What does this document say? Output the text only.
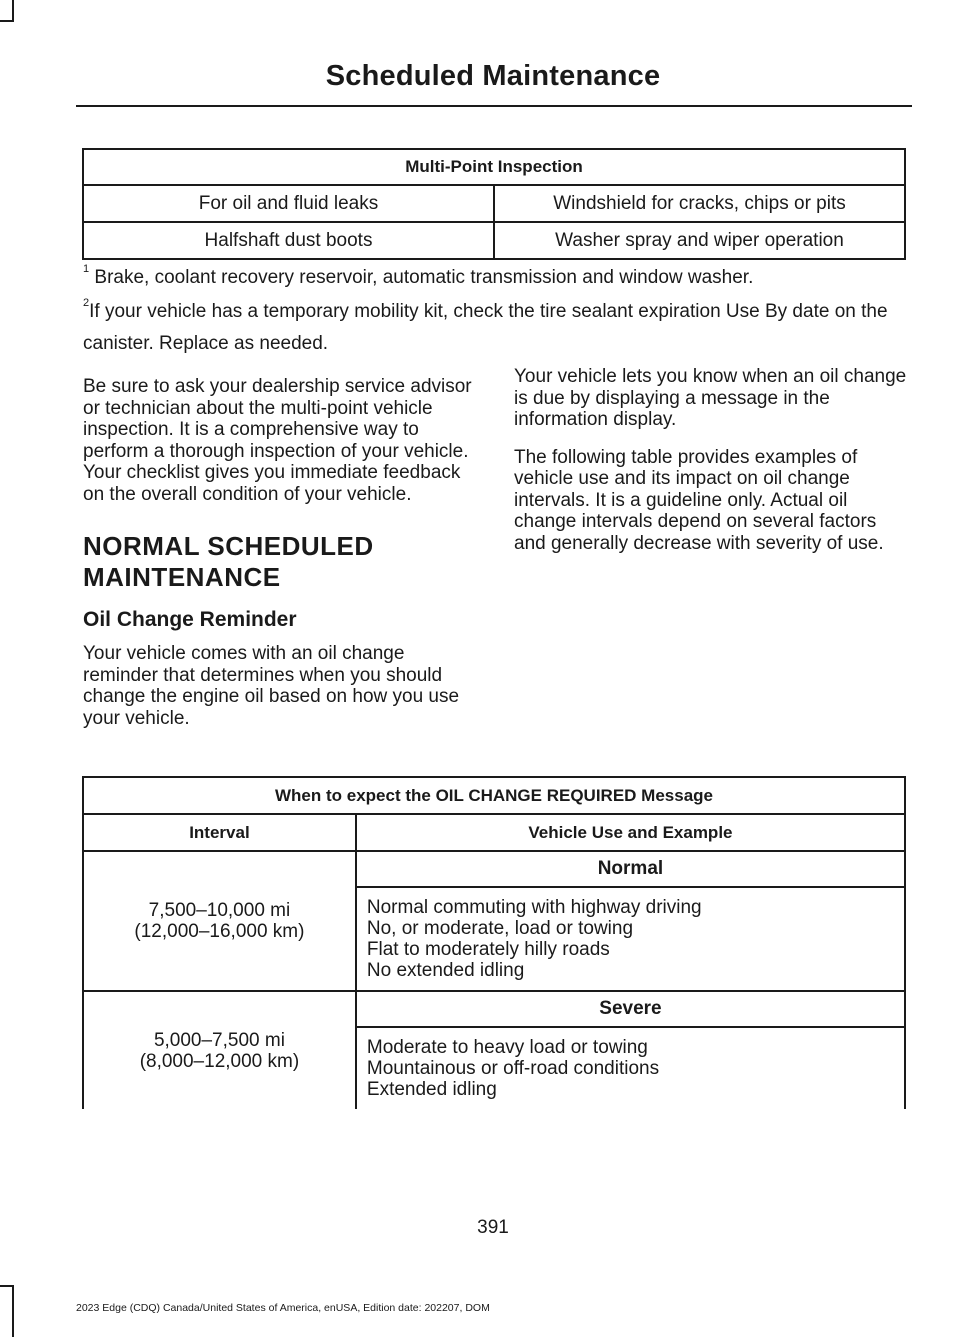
Scheduled Maintenance
Multi-Point Inspection	
For oil and fluid leaks	Windshield for cracks, chips or pits
Halfshaft dust boots	Washer spray and wiper operation
$^1$ Brake, coolant recovery reservoir, automatic transmission and window washer.
$^2$If your vehicle has a temporary mobility kit, check the tire sealant expiration Use By date on the canister. Replace as needed.

Be sure to ask your dealership service advisor or technician about the multi-point vehicle inspection. It is a comprehensive way to perform a thorough inspection of your vehicle. Your checklist gives you immediate feedback on the overall condition of your vehicle.

NORMAL SCHEDULED
MAINTENANCE

Oil Change Reminder

Your vehicle comes with an oil change reminder that determines when you should change the engine oil based on how you use your vehicle.

Your vehicle lets you know when an oil change is due by displaying a message in the information display.

The following table provides examples of vehicle use and its impact on oil change intervals. It is a guideline only. Actual oil change intervals depend on several factors and generally decrease with severity of use.

When to expect the OIL CHANGE REQUIRED Message	
Interval	Vehicle Use and Example
7,500–10,000 mi
(12,000–16,000 km)	Normal
	Normal commuting with highway driving
No, or moderate, load or towing
Flat to moderately hilly roads
No extended idling
5,000–7,500 mi
(8,000–12,000 km)	Severe
	Moderate to heavy load or towing
Mountainous or off-road conditions
Extended idling
391
2023 Edge (CDQ) Canada/United States of America, enUSA, Edition date: 202207, DOM
